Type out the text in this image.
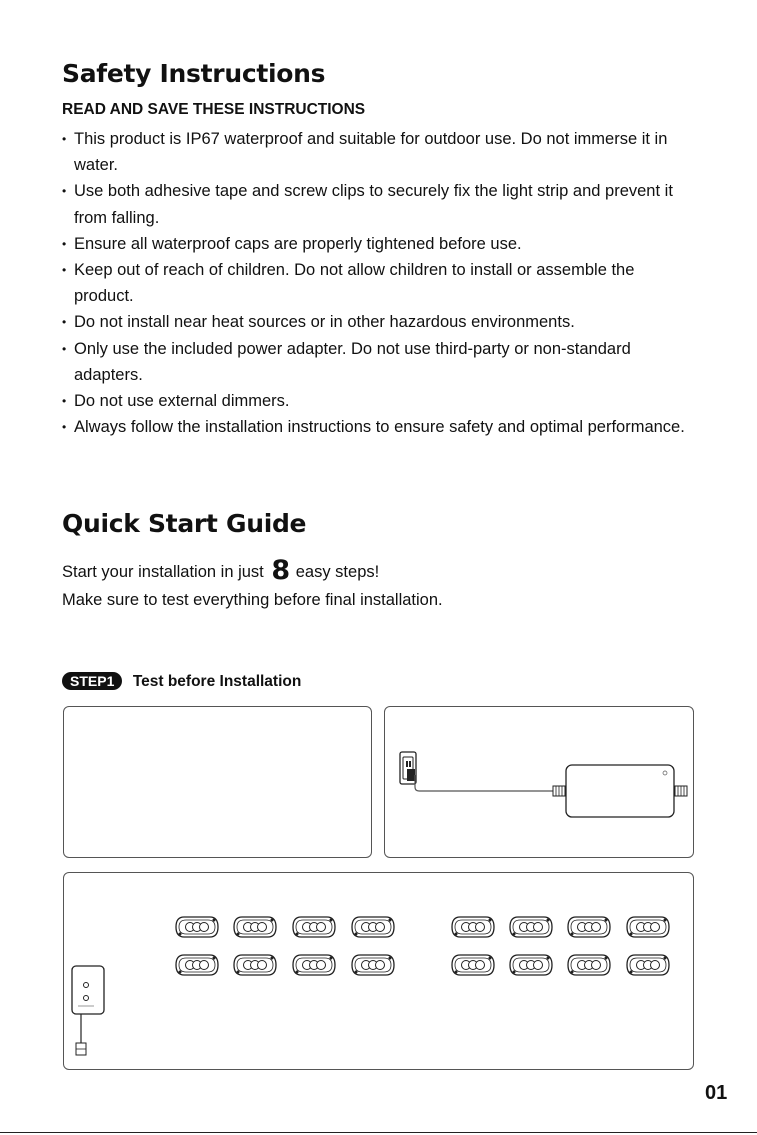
Safety Instructions

READ AND SAVE THESE INSTRUCTIONS

• This product is IP67 waterproof and suitable for outdoor use. Do not immerse it in water.
• Use both adhesive tape and screw clips to securely fix the light strip and prevent it from falling.
• Ensure all waterproof caps are properly tightened before use.
• Keep out of reach of children. Do not allow children to install or assemble the product.
• Do not install near heat sources or in other hazardous environments.
• Only use the included power adapter. Do not use third-party or non-standard adapters.
• Do not use external dimmers.
• Always follow the installation instructions to ensure safety and optimal performance.
Quick Start Guide

Start your installation in just 8 easy steps!
Make sure to test everything before final installation.

STEP1 Test before Installation
01
